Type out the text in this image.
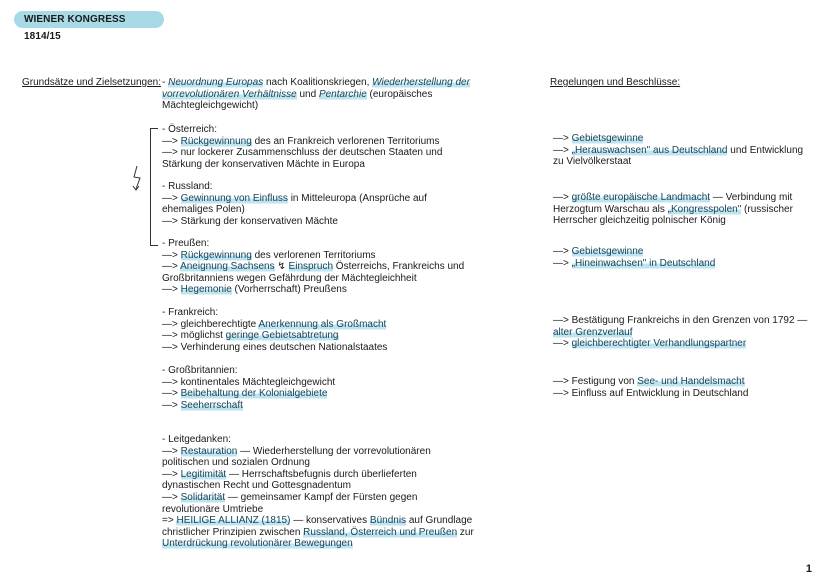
WIENER KONGRESS 1814/15
Grundsätze und Zielsetzungen:	Regelungen und Beschlüsse:
- Neuordnung Europas nach Koalitionskriegen, Wiederherstellung der
vorrevolutionären Verhältnisse und Pentarchie (europäisches
Mächtegleichgewicht)
- Österreich:
—> Rückgewinnung des an Frankreich verlorenen Territoriums
—> nur lockerer Zusammenschluss der deutschen Staaten und
Stärkung der konservativen Mächte in Europa
—> Gebietsgewinne
—> „Herauswachsen" aus Deutschland und Entwicklung
zu Vielvölkerstaat
- Russland:
—> Gewinnung von Einfluss in Mitteleuropa (Ansprüche auf
ehemaliges Polen)
—> Stärkung der konservativen Mächte
—> größte europäische Landmacht — Verbindung mit
Herzogtum Warschau als „Kongresspolen" (russischer
Herrscher gleichzeitig polnischer König
- Preußen:
—> Rückgewinnung des verlorenen Territoriums
—> Aneignung Sachsens ↯ Einspruch Österreichs, Frankreichs und
Großbritanniens wegen Gefährdung der Mächtegleichheit
—> Hegemonie (Vorherrschaft) Preußens
—> Gebietsgewinne
—> „Hineinwachsen" in Deutschland
- Frankreich:
—> gleichberechtigte Anerkennung als Großmacht
—> möglichst geringe Gebietsabtretung
—> Verhinderung eines deutschen Nationalstaates
—> Bestätigung Frankreichs in den Grenzen von 1792 —
alter Grenzverlauf
—> gleichberechtigter Verhandlungspartner
- Großbritannien:
—> kontinentales Mächtegleichgewicht
—> Beibehaltung der Kolonialgebiete
—> Seeherrschaft
—> Festigung von See- und Handelsmacht
—> Einfluss auf Entwicklung in Deutschland
- Leitgedanken:
—> Restauration — Wiederherstellung der vorrevolutionären
politischen und sozialen Ordnung
—> Legitimität — Herrschaftsbefugnis durch überlieferten
dynastischen Recht und Gottesgnadentum
—> Solidarität — gemeinsamer Kampf der Fürsten gegen
revolutionäre Umtriebe
=> HEILIGE ALLIANZ (1815) — konservatives Bündnis auf Grundlage
christlicher Prinzipien zwischen Russland, Österreich und Preußen zur
Unterdrückung revolutionärer Bewegungen
1
